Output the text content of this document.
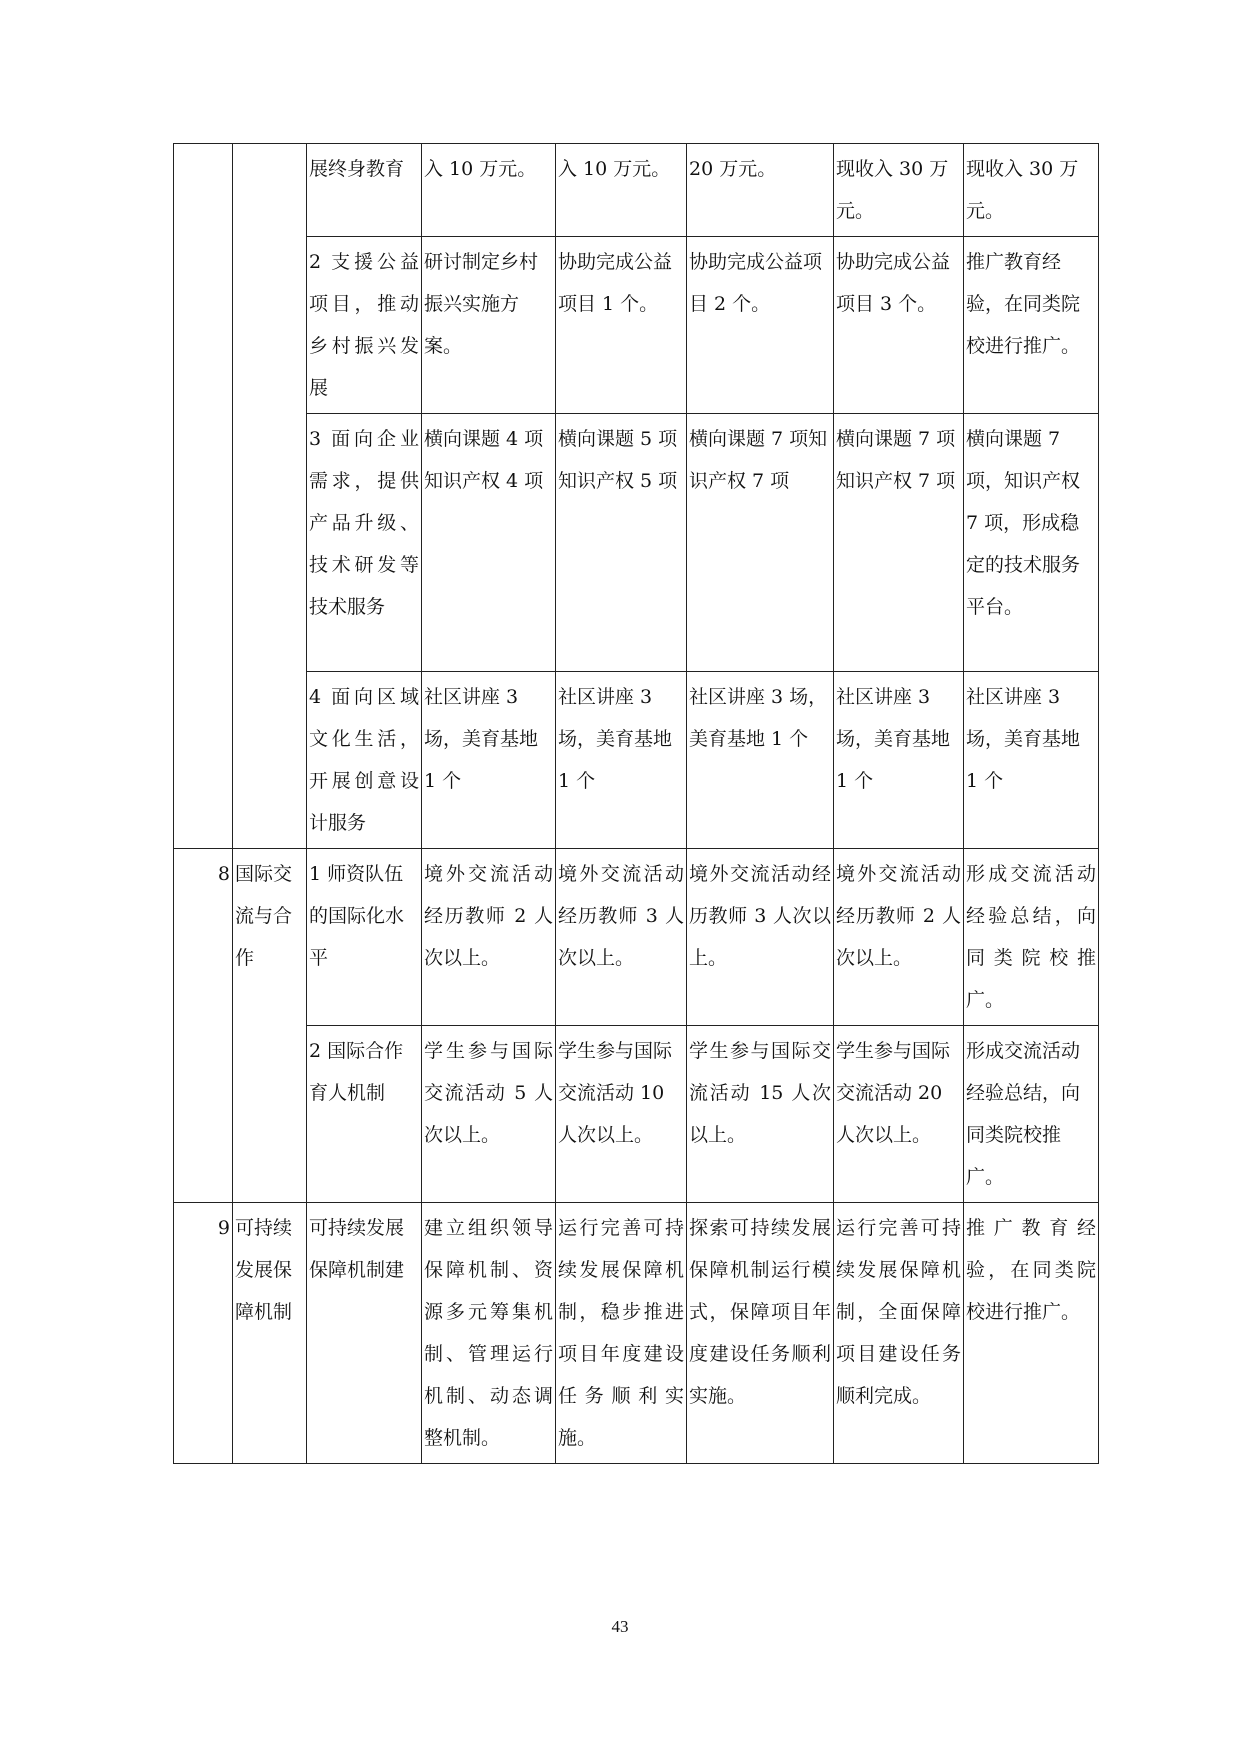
		展终身教育	入 10 万元。	入 10 万元。	20 万元。	现收入 30 万元。	现收入 30 万元。
		2 支援公益项目，推动乡村振兴发展	研讨制定乡村振兴实施方案。	协助完成公益项目 1 个。	协助完成公益项目 2 个。	协助完成公益项目 3 个。	推广教育经验，在同类院校进行推广。
		3 面向企业需求，提供产品升级、技术研发等技术服务	横向课题 4 项知识产权 4 项	横向课题 5 项知识产权 5 项	横向课题 7 项知识产权 7 项	横向课题 7 项知识产权 7 项	横向课题 7 项，知识产权 7 项，形成稳定的技术服务平台。
		4 面向区域文化生活，开展创意设计服务	社区讲座 3 场，美育基地 1 个	社区讲座 3 场，美育基地 1 个	社区讲座 3 场，美育基地 1 个	社区讲座 3 场，美育基地 1 个	社区讲座 3 场，美育基地 1 个
8	国际交流与合作	1 师资队伍的国际化水平	境外交流活动经历教师 2 人次以上。	境外交流活动经历教师 3 人次以上。	境外交流活动经历教师 3 人次以上。	境外交流活动经历教师 2 人次以上。	形成交流活动经验总结，向同类院校推广。
		2 国际合作育人机制	学生参与国际交流活动 5 人次以上。	学生参与国际交流活动 10 人次以上。	学生参与国际交流活动 15 人次以上。	学生参与国际交流活动 20 人次以上。	形成交流活动经验总结，向同类院校推广。
9	可持续发展保障机制	可持续发展保障机制建	建立组织领导保障机制、资源多元筹集机制、管理运行机制、动态调整机制。	运行完善可持续发展保障机制，稳步推进项目年度建设任务顺利实施。	探索可持续发展保障机制运行模式，保障项目年度建设任务顺利实施。	运行完善可持续发展保障机制，全面保障项目建设任务顺利完成。	推广教育经验，在同类院校进行推广。
43
